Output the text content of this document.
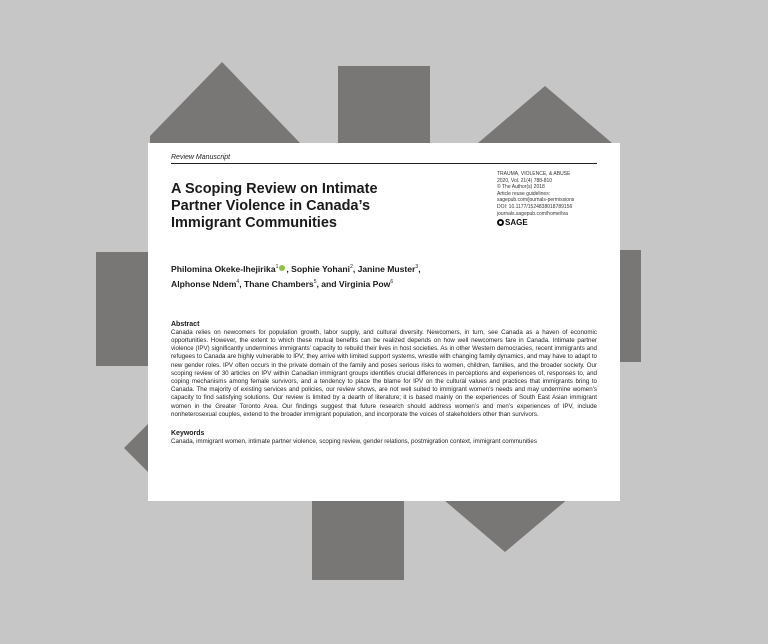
Review Manuscript
A Scoping Review on Intimate
Partner Violence in Canada’s
Immigrant Communities
TRAUMA, VIOLENCE, & ABUSE
2020, Vol. 21(4) 788-810
© The Author(s) 2018
Article reuse guidelines:
sagepub.com/journals-permissions
DOI: 10.1177/1524838018789156
journals.sagepub.com/home/tva
SAGE
Philomina Okeke-Ihejirika$^1$ , Sophie Yohani$^2$, Janine Muster$^3$,
Alphonse Ndem$^4$, Thane Chambers$^5$, and Virginia Pow$^6$
Abstract
Canada relies on newcomers for population growth, labor supply, and cultural diversity. Newcomers, in turn, see Canada as a haven of economic opportunities. However, the extent to which these mutual benefits can be realized depends on how well newcomers fare in Canada. Intimate partner violence (IPV) significantly undermines immigrants’ capacity to rebuild their lives in host societies. As in other Western democracies, recent immigrants and refugees to Canada are highly vulnerable to IPV; they arrive with limited support systems, wrestle with changing family dynamics, and may have to adapt to new gender roles. IPV often occurs in the private domain of the family and poses serious risks to women, children, families, and the broader society. Our scoping review of 30 articles on IPV within Canadian immigrant groups identifies crucial differences in perceptions and experiences of, responses to, and coping mechanisms among female survivors, and a tendency to place the blame for IPV on the cultural values and practices that immigrants bring to Canada. The majority of existing services and policies, our review shows, are not well suited to immigrant women’s needs and may undermine women’s capacity to find satisfying solutions. Our review is limited by a dearth of literature; it is based mainly on the experiences of South East Asian immigrant women in the Greater Toronto Area. Our findings suggest that future research should address women’s and men’s experiences of IPV, include nonheterosexual couples, extend to the broader immigrant population, and incorporate the voices of stakeholders other than survivors.
Keywords
Canada, immigrant women, intimate partner violence, scoping review, gender relations, postmigration context, immigrant communities
